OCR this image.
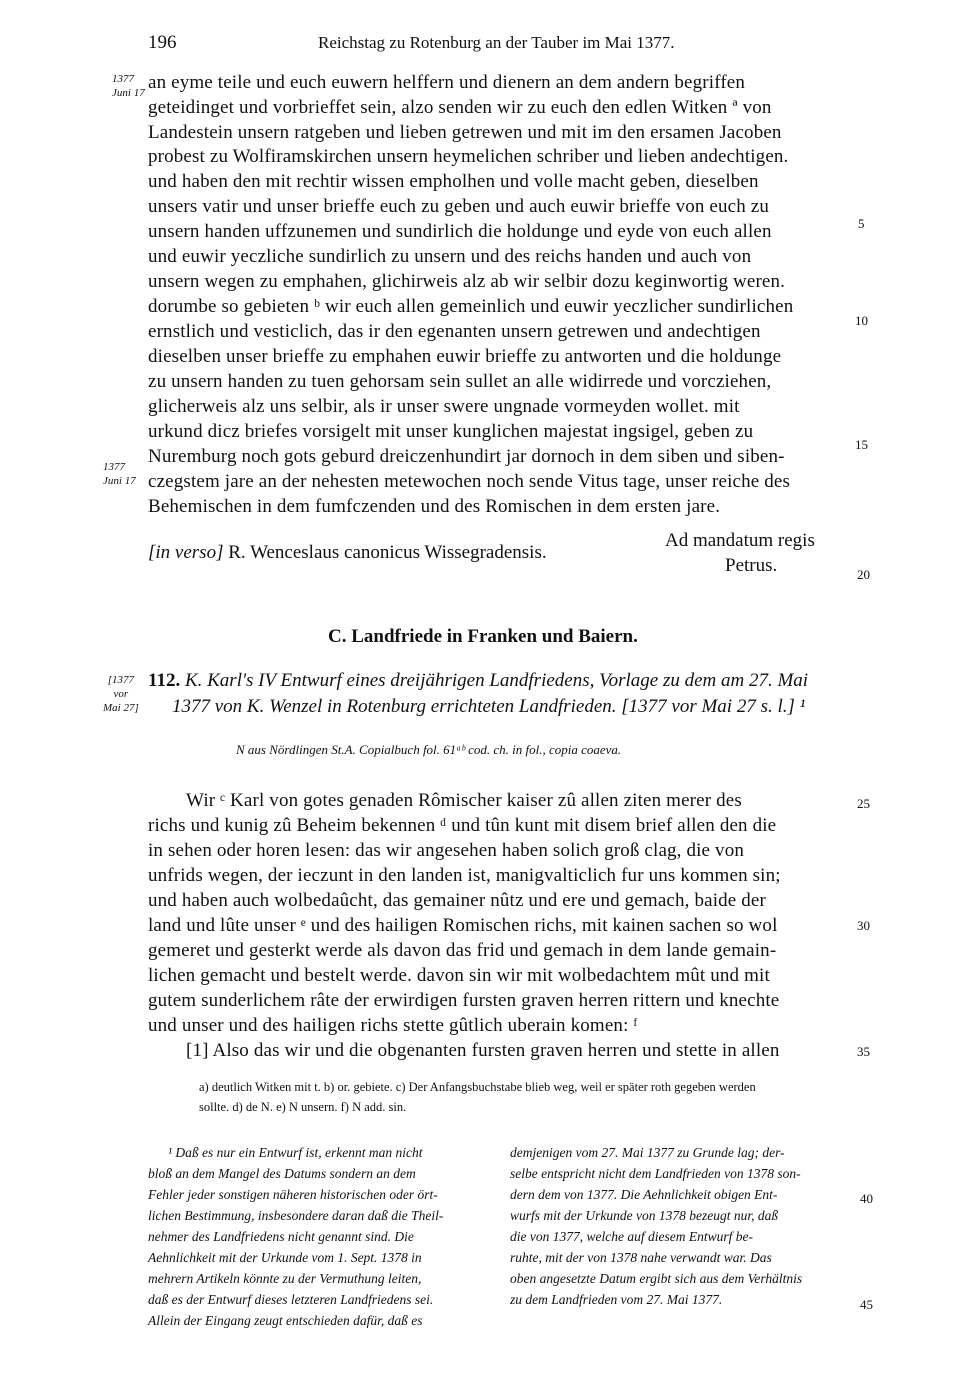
196	Reichstag zu Rotenburg an der Tauber im Mai 1377.
1377
Juni 17
1377
Juni 17
[1377
vor
Mai 27]
5
10
15
20
25
30
35
40
45
an eyme teile und euch euwern helffern und dienern an dem andern begriffen
geteidinget und vorbrieffet sein, alzo senden wir zu euch den edlen Witken ª von
Landestein unsern ratgeben und lieben getrewen und mit im den ersamen Jacoben
probest zu Wolfiramskirchen unsern heymelichen schriber und lieben andechtigen.
und haben den mit rechtir wissen empholhen und volle macht geben, dieselben
unsers vatir und unser brieffe euch zu geben und auch euwir brieffe von euch zu
unsern handen uffzunemen und sundirlich die holdunge und eyde von euch allen
und euwir yeczliche sundirlich zu unsern und des reichs handen und auch von
unsern wegen zu emphahen, glichirweis alz ab wir selbir dozu keginwortig weren.
dorumbe so gebieten ᵇ wir euch allen gemeinlich und euwir yeczlicher sundirlichen
ernstlich und vesticlich, das ir den egenanten unsern getrewen und andechtigen
dieselben unser brieffe zu emphahen euwir brieffe zu antworten und die holdunge
zu unsern handen zu tuen gehorsam sein sullet an alle widirrede und vorcziehen,
glicherweis alz uns selbir, als ir unser swere ungnade vormeyden wollet. mit
urkund dicz briefes vorsigelt mit unser kunglichen majestat ingsigel, geben zu
Nuremburg noch gots geburd dreiczenhundirt jar dornoch in dem siben und siben-
czegstem jare an der nehesten metewochen noch sende Vitus tage, unser reiche des
Behemischen in dem fumfczenden und des Romischen in dem ersten jare.
[in verso] R. Wenceslaus canonicus Wissegradensis.
Ad mandatum regis
Petrus.
C. Landfriede in Franken und Baiern.
112. K. Karl's IV Entwurf eines dreijährigen Landfriedens, Vorlage zu dem am 27. Mai
1377 von K. Wenzel in Rotenburg errichteten Landfrieden. [1377 vor Mai 27 s. l.] ¹
N aus Nördlingen St.A. Copialbuch fol. 61ᵃᵇ cod. ch. in fol., copia coaeva.
Wir ᶜ Karl von gotes genaden Rômischer kaiser zû allen ziten merer des
richs und kunig zû Beheim bekennen ᵈ und tûn kunt mit disem brief allen den die
in sehen oder horen lesen: das wir angesehen haben solich groß clag, die von
unfrids wegen, der ieczunt in den landen ist, manigvalticlich fur uns kommen sin;
und haben auch wolbedaûcht, das gemainer nûtz und ere und gemach, baide der
land und lûte unser ᵉ und des hailigen Romischen richs, mit kainen sachen so wol
gemeret und gesterkt werde als davon das frid und gemach in dem lande gemain-
lichen gemacht und bestelt werde. davon sin wir mit wolbedachtem mût und mit
gutem sunderlichem râte der erwirdigen fursten graven herren rittern und knechte
und unser und des hailigen richs stette gûtlich uberain komen: ᶠ
[1] Also das wir und die obgenanten fursten graven herren und stette in allen
a) deutlich Witken mit t. b) or. gebiete. c) Der Anfangsbuchstabe blieb weg, weil er später roth gegeben werden
sollte. d) de N. e) N unsern. f) N add. sin.
¹ Daß es nur ein Entwurf ist, erkennt man nicht
bloß an dem Mangel des Datums sondern an dem
Fehler jeder sonstigen näheren historischen oder ört-
lichen Bestimmung, insbesondere daran daß die Theil-
nehmer des Landfriedens nicht genannt sind. Die
Aehnlichkeit mit der Urkunde vom 1. Sept. 1378 in
mehrern Artikeln könnte zu der Vermuthung leiten,
daß es der Entwurf dieses letzteren Landfriedens sei.
Allein der Eingang zeugt entschieden dafür, daß es
demjenigen vom 27. Mai 1377 zu Grunde lag; der-
selbe entspricht nicht dem Landfrieden von 1378 son-
dern dem von 1377. Die Aehnlichkeit obigen Ent-
wurfs mit der Urkunde von 1378 bezeugt nur, daß
die von 1377, welche auf diesem Entwurf be-
ruhte, mit der von 1378 nahe verwandt war. Das
oben angesetzte Datum ergibt sich aus dem Verhältnis
zu dem Landfrieden vom 27. Mai 1377.
